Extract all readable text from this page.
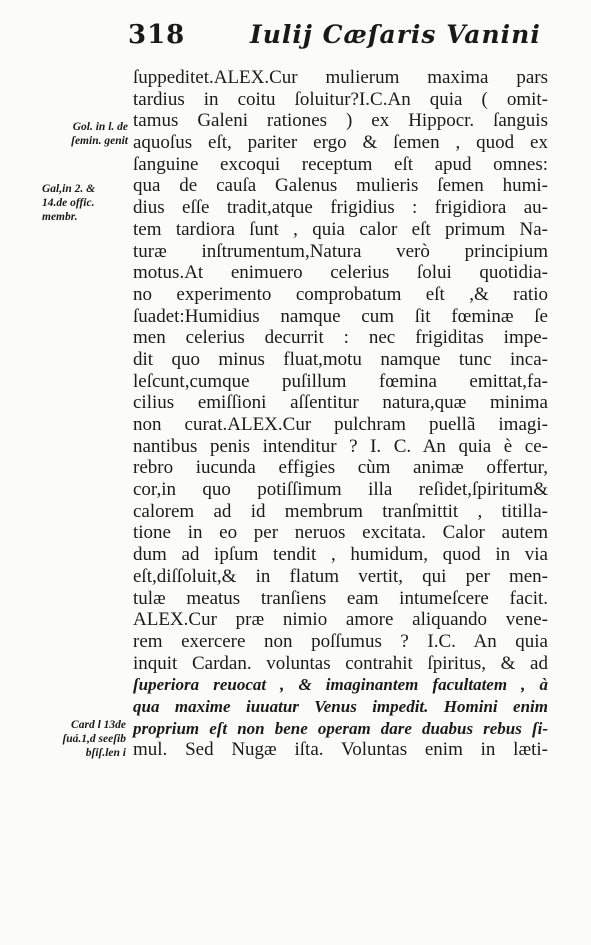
318	Iulij Cæſaris Vanini
Gol. in l. de
ſemin. genit
Gal,in 2. &
14.de offic.
membr.
Card l 13de
ſuá.1,d seeſib
bſiſ.len i
ſuppeditet.ALEX.Cur mulierum maxima pars
tardius in coitu ſoluitur?I.C.An quia ( omit-
tamus Galeni rationes ) ex Hippocr. ſanguis
aquoſus eſt, pariter ergo & ſemen , quod ex
ſanguine excoqui receptum eſt apud omnes:
qua de cauſa Galenus mulieris ſemen humi-
dius eſſe tradit,atque frigidius : frigidiora au-
tem tardiora ſunt , quia calor eſt primum Na-
turæ inſtrumentum,Natura verò principium
motus.At enimuero celerius ſolui quotidia-
no experimento comprobatum eſt ,& ratio
ſuadet:Humidius namque cum ſit fœminæ ſe
men celerius decurrit : nec frigiditas impe-
dit quo minus fluat,motu namque tunc inca-
leſcunt,cumque puſillum fœmina emittat,fa-
cilius emiſſioni aſſentitur natura,quæ minima
non curat.ALEX.Cur pulchram puellã imagi-
nantibus penis intenditur ? I. C. An quia è ce-
rebro iucunda effigies cùm animæ offertur,
cor,in quo potiſſimum illa reſidet,ſpiritum&
calorem ad id membrum tranſmittit , titilla-
tione in eo per neruos excitata. Calor autem
dum ad ipſum tendit , humidum, quod in via
eſt,diſſoluit,& in flatum vertit, qui per men-
tulæ meatus tranſiens eam intumeſcere facit.
ALEX.Cur præ nimio amore aliquando vene-
rem exercere non poſſumus ? I.C. An quia
inquit Cardan. voluntas contrahit ſpiritus, & ad
ſuperiora reuocat , & imaginantem facultatem , à
qua maxime iuuatur Venus impedit. Homini enim
proprium eſt non bene operam dare duabus rebus ſi-
mul. Sed Nugæ iſta. Voluntas enim in læti-
